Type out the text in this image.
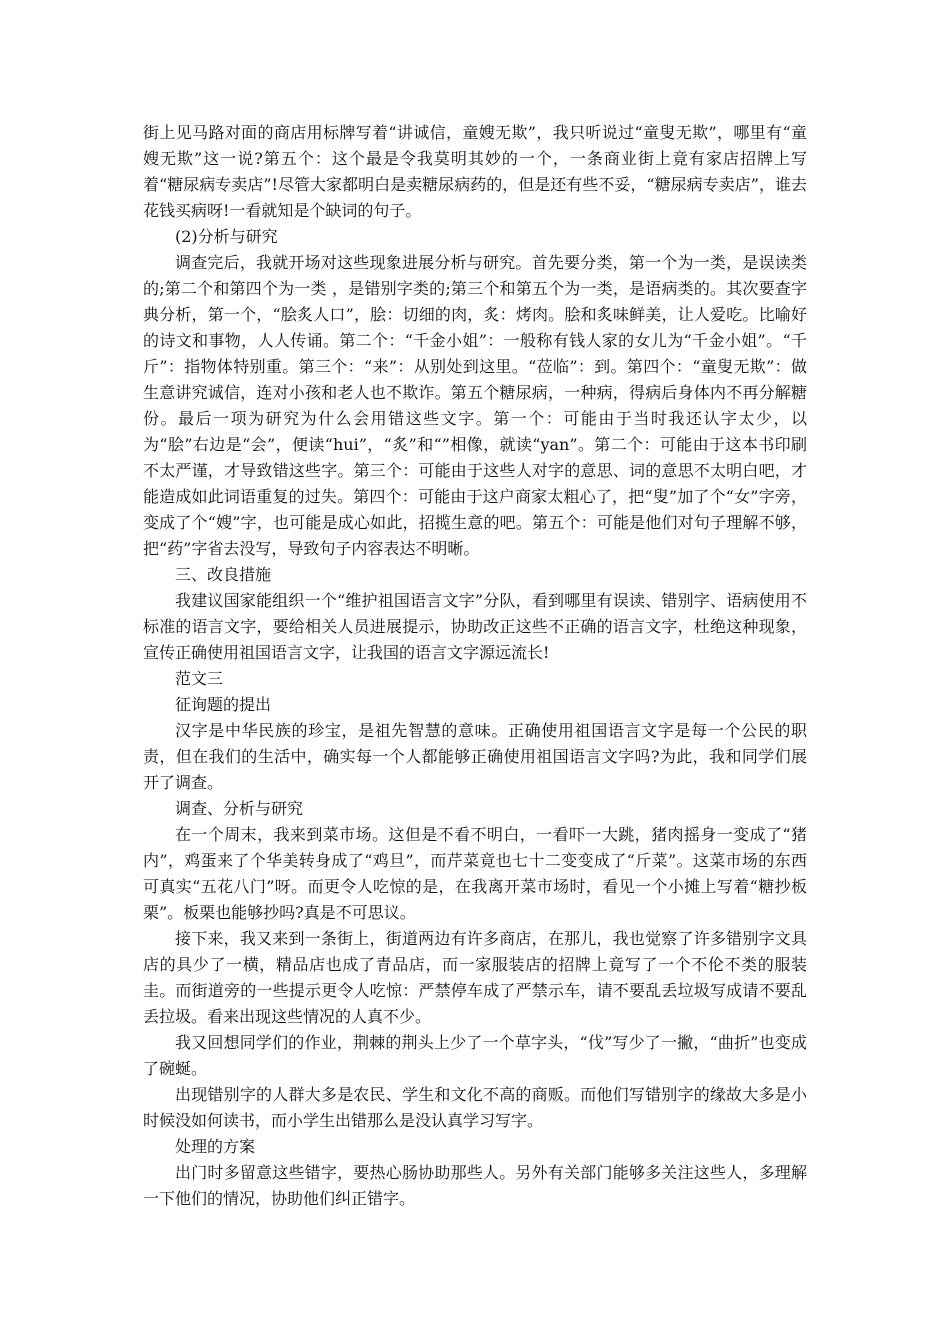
街上见马路对面的商店用标牌写着“讲诚信，童嫂无欺”，我只听说过“童叟无欺”，哪里有“童嫂无欺”这一说?第五个：这个最是令我莫明其妙的一个，一条商业街上竟有家店招牌上写着“糖尿病专卖店”!尽管大家都明白是卖糖尿病药的，但是还有些不妥，“糖尿病专卖店”，谁去花钱买病呀!一看就知是个缺词的句子。

(2)分析与研究

调查完后，我就开场对这些现象进展分析与研究。首先要分类，第一个为一类，是误读类的;第二个和第四个为一类 ，是错别字类的;第三个和第五个为一类，是语病类的。其次要查字典分析，第一个，“脍炙人口”，脍：切细的肉，炙：烤肉。脍和炙味鲜美，让人爱吃。比喻好的诗文和事物，人人传诵。第二个：“千金小姐”：一般称有钱人家的女儿为“千金小姐”。“千斤”：指物体特别重。第三个：“来”：从别处到这里。“莅临”：到。第四个：“童叟无欺”：做生意讲究诚信，连对小孩和老人也不欺诈。第五个糖尿病，一种病，得病后身体内不再分解糖份。最后一项为研究为什么会用错这些文字。第一个：可能由于当时我还认字太少，以为“脍”右边是“会”，便读“hui”，“炙”和“”相像，就读“yan”。第二个：可能由于这本书印刷不太严谨，才导致错这些字。第三个：可能由于这些人对字的意思、词的意思不太明白吧，才能造成如此词语重复的过失。第四个：可能由于这户商家太粗心了，把“叟”加了个“女”字旁，变成了个“嫂”字，也可能是成心如此，招揽生意的吧。第五个：可能是他们对句子理解不够，把“药”字省去没写，导致句子内容表达不明晰。

三、改良措施

我建议国家能组织一个“维护祖国语言文字”分队，看到哪里有误读、错别字、语病使用不标准的语言文字，要给相关人员进展提示，协助改正这些不正确的语言文字，杜绝这种现象，宣传正确使用祖国语言文字，让我国的语言文字源远流长!

范文三

征询题的提出

汉字是中华民族的珍宝，是祖先智慧的意味。正确使用祖国语言文字是每一个公民的职责，但在我们的生活中，确实每一个人都能够正确使用祖国语言文字吗?为此，我和同学们展开了调查。

调查、分析与研究

在一个周末，我来到菜市场。这但是不看不明白，一看吓一大跳，猪肉摇身一变成了“猪内”，鸡蛋来了个华美转身成了“鸡旦”，而芹菜竟也七十二变变成了“斤菜”。这菜市场的东西可真实“五花八门”呀。而更令人吃惊的是，在我离开菜市场时，看见一个小摊上写着“糖抄板栗”。板栗也能够抄吗?真是不可思议。

接下来，我又来到一条街上，街道两边有许多商店，在那儿，我也觉察了许多错别字文具店的具少了一横，精品店也成了青品店，而一家服装店的招牌上竟写了一个不伦不类的服装圭。而街道旁的一些提示更令人吃惊：严禁停车成了严禁示车，请不要乱丢垃圾写成请不要乱丢拉圾。看来出现这些情况的人真不少。

我又回想同学们的作业，荆棘的荆头上少了一个草字头，“伐”写少了一撇，“曲折”也变成了碗蜒。

出现错别字的人群大多是农民、学生和文化不高的商贩。而他们写错别字的缘故大多是小时候没如何读书，而小学生出错那么是没认真学习写字。

处理的方案

出门时多留意这些错字，要热心肠协助那些人。另外有关部门能够多关注这些人，多理解一下他们的情况，协助他们纠正错字。
